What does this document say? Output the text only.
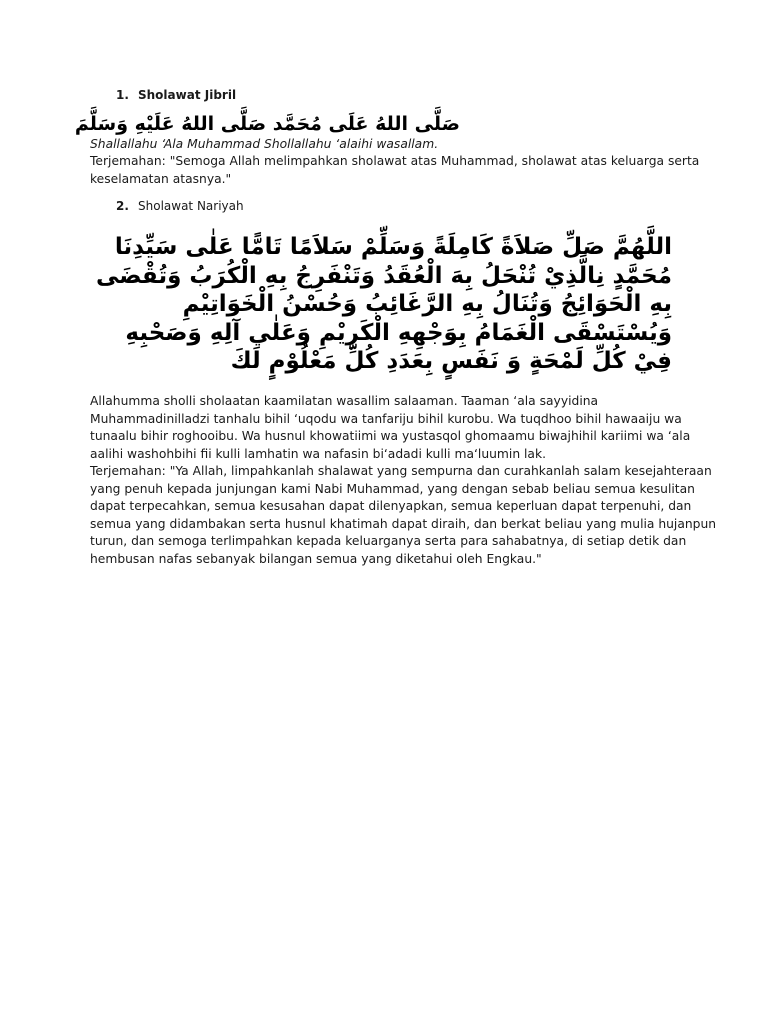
1. Sholawat Jibril
صَلَّى اللهُ عَلَى مُحَمَّد صَلَّى اللهُ عَلَيْهِ وَسَلَّمَ
Shallallahu ‘Ala Muhammad Shollallahu ‘alaihi wasallam.
Terjemahan: "Semoga Allah melimpahkan sholawat atas Muhammad, sholawat atas keluarga serta
keselamatan atasnya."
2. Sholawat Nariyah
اللَّهُمَّ صَلِّ صَلاَةً كَامِلَةً وَسَلِّمْ سَلاَمًا تَامًّا عَلٰى سَيِّدِنَا
مُحَمَّدٍ نِالَّذِيْ تُنْحَلُ بِهَ الْعُقَدُ وَتَنْفَرِجُ بِهِ الْكُرَبُ وَتُقْضَى
بِهِ الْحَوَائِجُ وَتُنَالُ بِهِ الرَّغَائِبُ وَحُسْنُ الْخَوَاتِيْمِ
وَيُسْتَسْقَى الْغَمَامُ بِوَجْهِهِ الْكَرِيْمِ وَعَلٰي آلِهِ وَصَحْبِهِ
فِيْ كُلِّ لَمْحَةٍ وَ نَفَسٍ بِعَدَدِ كُلِّ مَعْلُوْمٍ لَكَ
Allahumma sholli sholaatan kaamilatan wasallim salaaman. Taaman ‘ala sayyidina
Muhammadinilladzi tanhalu bihil ‘uqodu wa tanfariju bihil kurobu. Wa tuqdhoo bihil hawaaiju wa
tunaalu bihir roghooibu. Wa husnul khowatiimi wa yustasqol ghomaamu biwajhihil kariimi wa ‘ala
aalihi washohbihi fii kulli lamhatin wa nafasin bi‘adadi kulli ma‘luumin lak.
Terjemahan: "Ya Allah, limpahkanlah shalawat yang sempurna dan curahkanlah salam kesejahteraan
yang penuh kepada junjungan kami Nabi Muhammad, yang dengan sebab beliau semua kesulitan
dapat terpecahkan, semua kesusahan dapat dilenyapkan, semua keperluan dapat terpenuhi, dan
semua yang didambakan serta husnul khatimah dapat diraih, dan berkat beliau yang mulia hujanpun
turun, dan semoga terlimpahkan kepada keluarganya serta para sahabatnya, di setiap detik dan
hembusan nafas sebanyak bilangan semua yang diketahui oleh Engkau."
